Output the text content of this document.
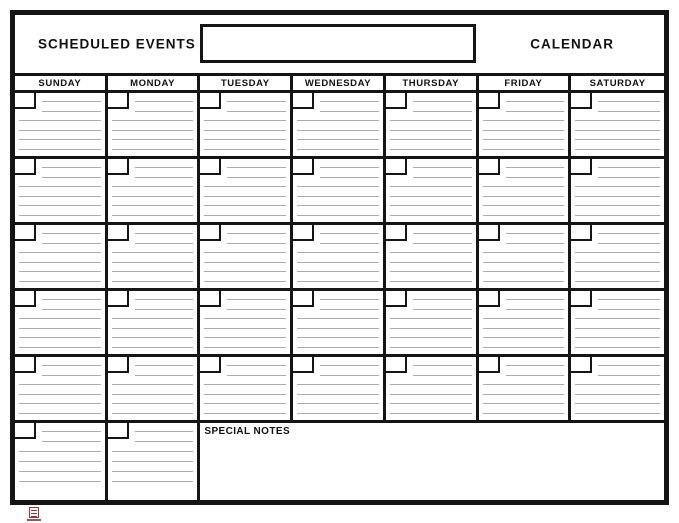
SCHEDULED EVENTS	CALENDAR
SUNDAY	MONDAY	TUESDAY	WEDNESDAY	THURSDAY	FRIDAY	SATURDAY
SPECIAL NOTES
